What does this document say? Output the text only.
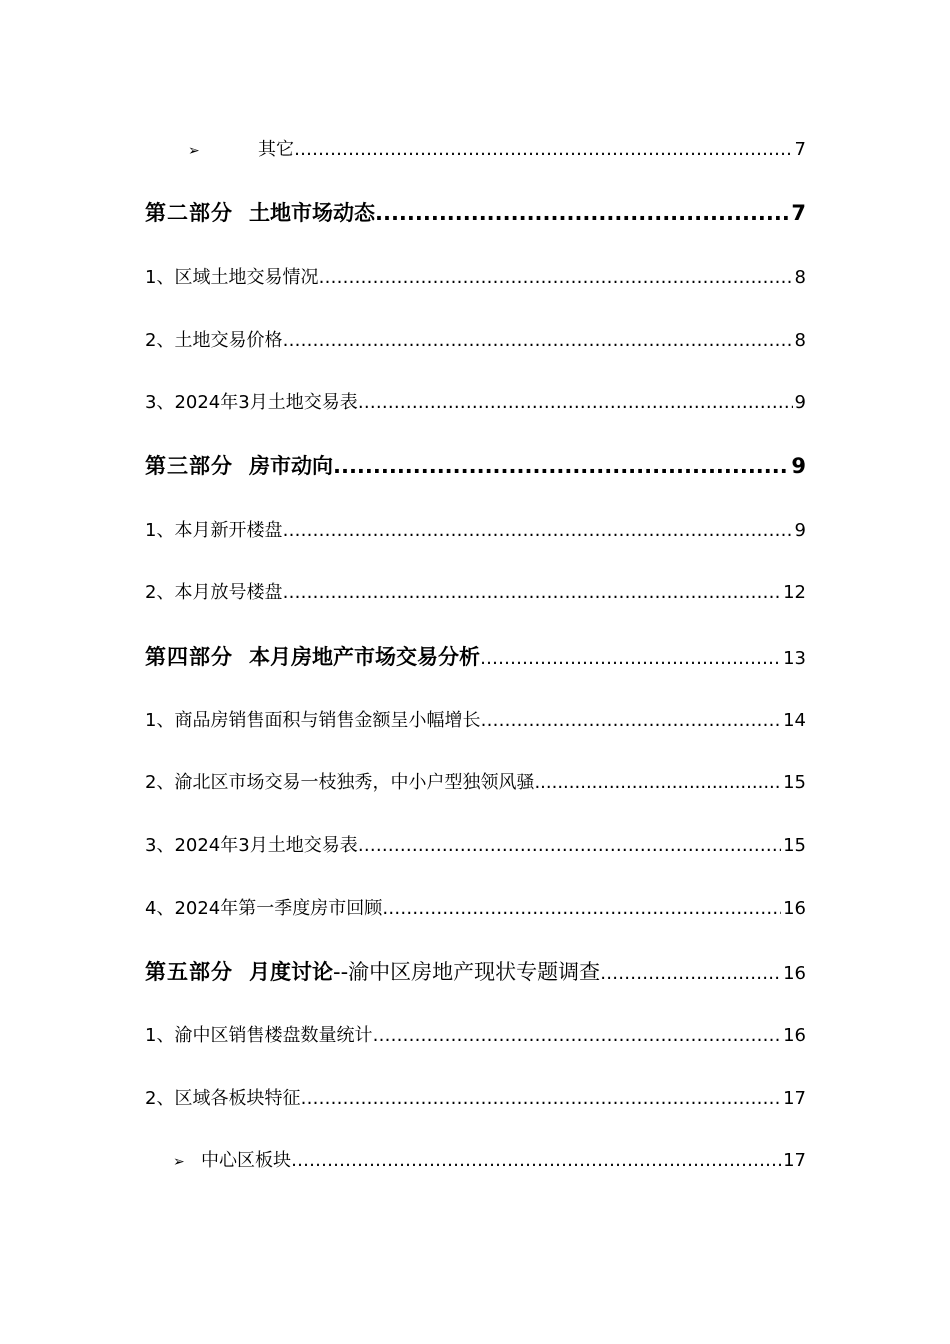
➢	其它 …………………………………………………………………………………………………………………………………………………………………………………	7
第二部分 土地市场动态 .....	7
1、区域土地交易情况 …………………………………………………………………………………………………………………………………………………………………………………	8
2、土地交易价格 …………………………………………………………………………………………………………………………………………………………………………………	8
3、2024年3月土地交易表 …………………………………………………………………………………………………………………………………………………………………………………	9
第三部分 房市动向 .....	9
1、本月新开楼盘 …………………………………………………………………………………………………………………………………………………………………………………	9
2、本月放号楼盘 …………………………………………………………………………………………………………………………………………………………………………………	12
第四部分 本月房地产市场交易分析 …………………………………………………………………………………………………………………………………………………………………………………	13
1、商品房销售面积与销售金额呈小幅增长 …………………………………………………………………………………………………………………………………………………………………………………	14
2、渝北区市场交易一枝独秀，中小户型独领风骚 .....	15
3、2024年3月土地交易表 …………………………………………………………………………………………………………………………………………………………………………………	15
4、2024年第一季度房市回顾 …………………………………………………………………………………………………………………………………………………………………………………	16
第五部分 月度讨论--渝中区房地产现状专题调查 …………………………………………………………………………………………………………………………………………………………………………………	16
1、渝中区销售楼盘数量统计 …………………………………………………………………………………………………………………………………………………………………………………	16
2、区域各板块特征 …………………………………………………………………………………………………………………………………………………………………………………	17
➢ 中心区板块 …………………………………………………………………………………………………………………………………………………………………………………	17
